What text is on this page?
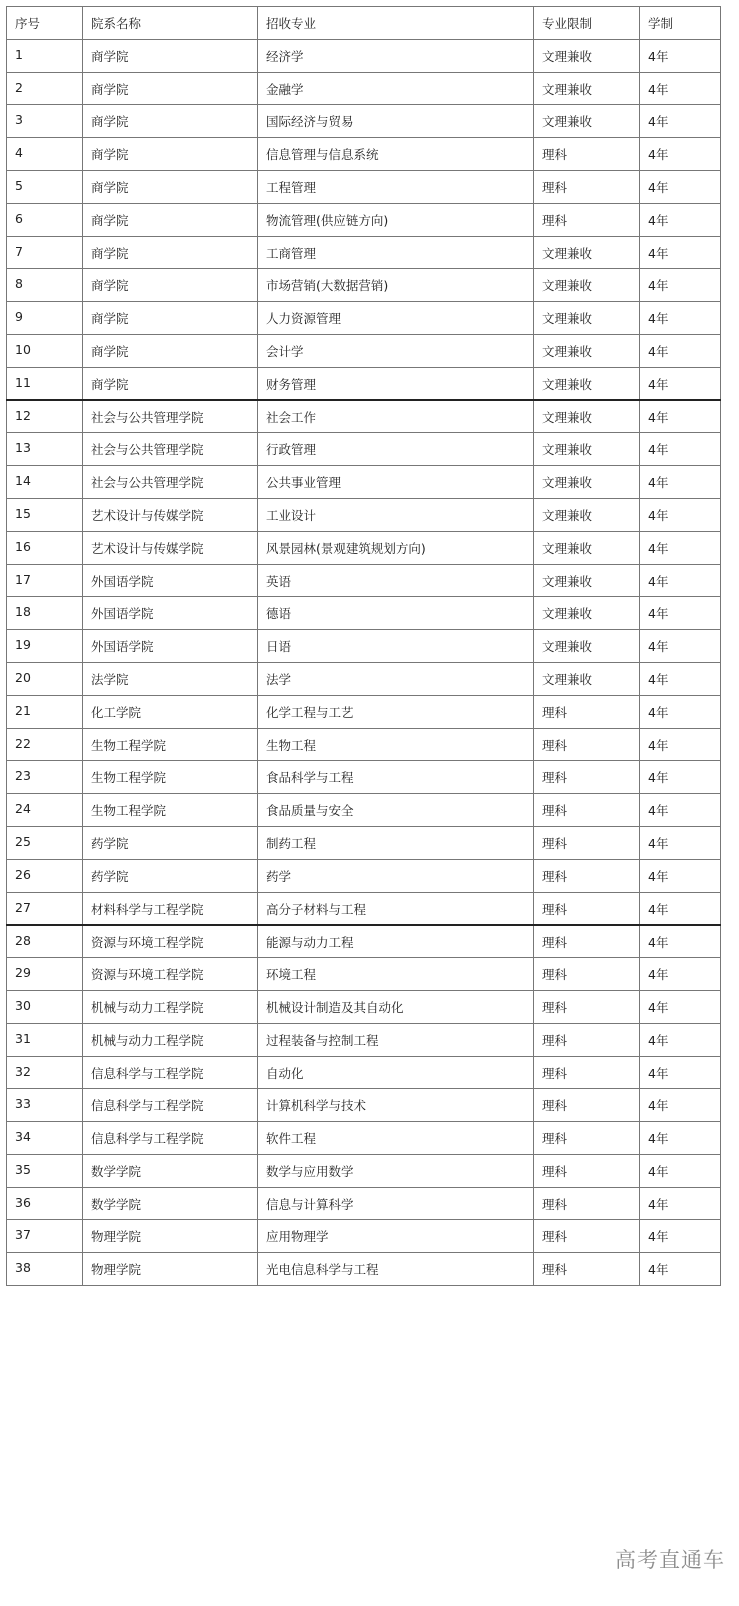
序号	院系名称	招收专业	专业限制	学制
1	商学院	经济学	文理兼收	4年
2	商学院	金融学	文理兼收	4年
3	商学院	国际经济与贸易	文理兼收	4年
4	商学院	信息管理与信息系统	理科	4年
5	商学院	工程管理	理科	4年
6	商学院	物流管理(供应链方向)	理科	4年
7	商学院	工商管理	文理兼收	4年
8	商学院	市场营销(大数据营销)	文理兼收	4年
9	商学院	人力资源管理	文理兼收	4年
10	商学院	会计学	文理兼收	4年
11	商学院	财务管理	文理兼收	4年
12	社会与公共管理学院	社会工作	文理兼收	4年
13	社会与公共管理学院	行政管理	文理兼收	4年
14	社会与公共管理学院	公共事业管理	文理兼收	4年
15	艺术设计与传媒学院	工业设计	文理兼收	4年
16	艺术设计与传媒学院	风景园林(景观建筑规划方向)	文理兼收	4年
17	外国语学院	英语	文理兼收	4年
18	外国语学院	德语	文理兼收	4年
19	外国语学院	日语	文理兼收	4年
20	法学院	法学	文理兼收	4年
21	化工学院	化学工程与工艺	理科	4年
22	生物工程学院	生物工程	理科	4年
23	生物工程学院	食品科学与工程	理科	4年
24	生物工程学院	食品质量与安全	理科	4年
25	药学院	制药工程	理科	4年
26	药学院	药学	理科	4年
27	材料科学与工程学院	高分子材料与工程	理科	4年
28	资源与环境工程学院	能源与动力工程	理科	4年
29	资源与环境工程学院	环境工程	理科	4年
30	机械与动力工程学院	机械设计制造及其自动化	理科	4年
31	机械与动力工程学院	过程装备与控制工程	理科	4年
32	信息科学与工程学院	自动化	理科	4年
33	信息科学与工程学院	计算机科学与技术	理科	4年
34	信息科学与工程学院	软件工程	理科	4年
35	数学学院	数学与应用数学	理科	4年
36	数学学院	信息与计算科学	理科	4年
37	物理学院	应用物理学	理科	4年
38	物理学院	光电信息科学与工程	理科	4年
高考直通车
